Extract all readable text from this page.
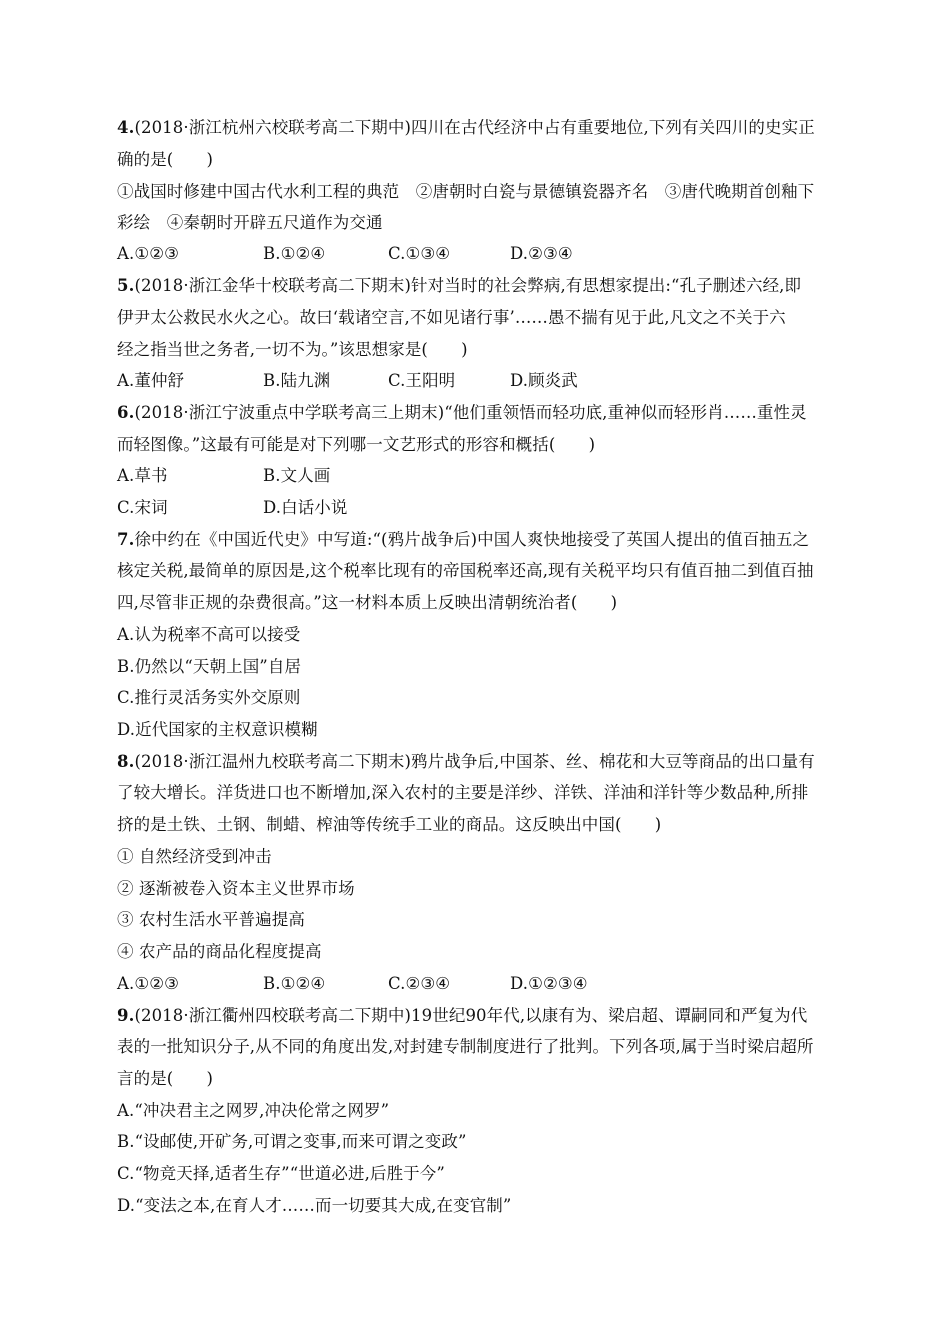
4.(2018·浙江杭州六校联考高二下期中)四川在古代经济中占有重要地位,下列有关四川的史实正
确的是(　　)
①战国时修建中国古代水利工程的典范　②唐朝时白瓷与景德镇瓷器齐名　③唐代晚期首创釉下
彩绘　④秦朝时开辟五尺道作为交通
A.①②③	B.①②④	C.①③④	D.②③④
5.(2018·浙江金华十校联考高二下期末)针对当时的社会弊病,有思想家提出:“孔子删述六经,即
伊尹太公救民水火之心。故曰‘载诸空言,不如见诸行事’……愚不揣有见于此,凡文之不关于六
经之指当世之务者,一切不为。”该思想家是(　　)
A.董仲舒	B.陆九渊	C.王阳明	D.顾炎武
6.(2018·浙江宁波重点中学联考高三上期末)“他们重领悟而轻功底,重神似而轻形肖……重性灵
而轻图像。”这最有可能是对下列哪一文艺形式的形容和概括(　　)
A.草书	B.文人画
C.宋词	D.白话小说
7.徐中约在《中国近代史》中写道:“(鸦片战争后)中国人爽快地接受了英国人提出的值百抽五之
核定关税,最简单的原因是,这个税率比现有的帝国税率还高,现有关税平均只有值百抽二到值百抽
四,尽管非正规的杂费很高。”这一材料本质上反映出清朝统治者(　　)
A.认为税率不高可以接受
B.仍然以“天朝上国”自居
C.推行灵活务实外交原则
D.近代国家的主权意识模糊
8.(2018·浙江温州九校联考高二下期末)鸦片战争后,中国茶、丝、棉花和大豆等商品的出口量有
了较大增长。洋货进口也不断增加,深入农村的主要是洋纱、洋铁、洋油和洋针等少数品种,所排
挤的是土铁、土钢、制蜡、榨油等传统手工业的商品。这反映出中国(　　)
① 自然经济受到冲击
② 逐渐被卷入资本主义世界市场
③ 农村生活水平普遍提高
④ 农产品的商品化程度提高
A.①②③	B.①②④	C.②③④	D.①②③④
9.(2018·浙江衢州四校联考高二下期中)19世纪90年代,以康有为、梁启超、谭嗣同和严复为代
表的一批知识分子,从不同的角度出发,对封建专制制度进行了批判。下列各项,属于当时梁启超所
言的是(　　)
A.“冲决君主之网罗,冲决伦常之网罗”
B.“设邮使,开矿务,可谓之变事,而来可谓之变政”
C.“物竞天择,适者生存”“世道必进,后胜于今”
D.“变法之本,在育人才……而一切要其大成,在变官制”
